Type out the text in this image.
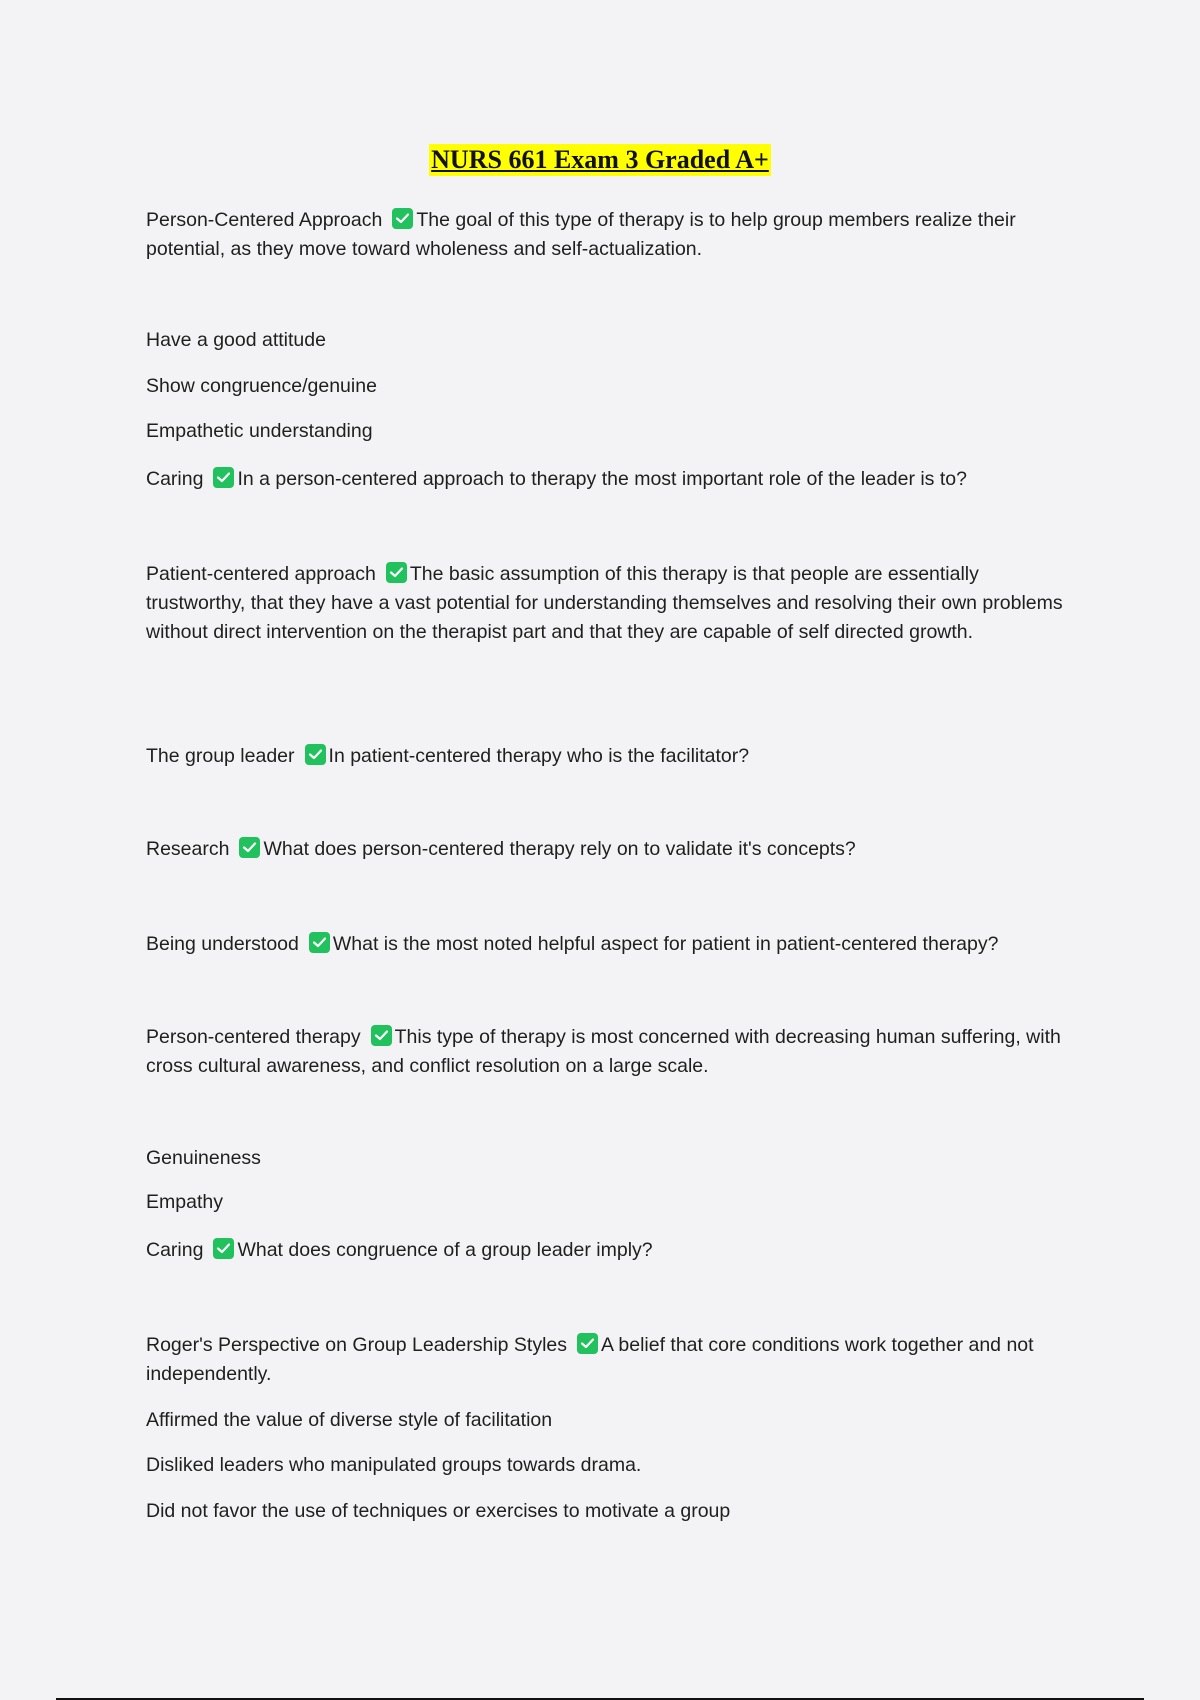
NURS 661 Exam 3 Graded A+
Person-Centered Approach The goal of this type of therapy is to help group members realize their potential, as they move toward wholeness and self-actualization.
Have a good attitude
Show congruence/genuine
Empathetic understanding
Caring In a person-centered approach to therapy the most important role of the leader is to?
Patient-centered approach The basic assumption of this therapy is that people are essentially trustworthy, that they have a vast potential for understanding themselves and resolving their own problems without direct intervention on the therapist part and that they are capable of self directed growth.
The group leader In patient-centered therapy who is the facilitator?
Research What does person-centered therapy rely on to validate it's concepts?
Being understood What is the most noted helpful aspect for patient in patient-centered therapy?
Person-centered therapy This type of therapy is most concerned with decreasing human suffering, with cross cultural awareness, and conflict resolution on a large scale.
Genuineness
Empathy
Caring What does congruence of a group leader imply?
Roger's Perspective on Group Leadership Styles A belief that core conditions work together and not independently.
Affirmed the value of diverse style of facilitation
Disliked leaders who manipulated groups towards drama.
Did not favor the use of techniques or exercises to motivate a group
